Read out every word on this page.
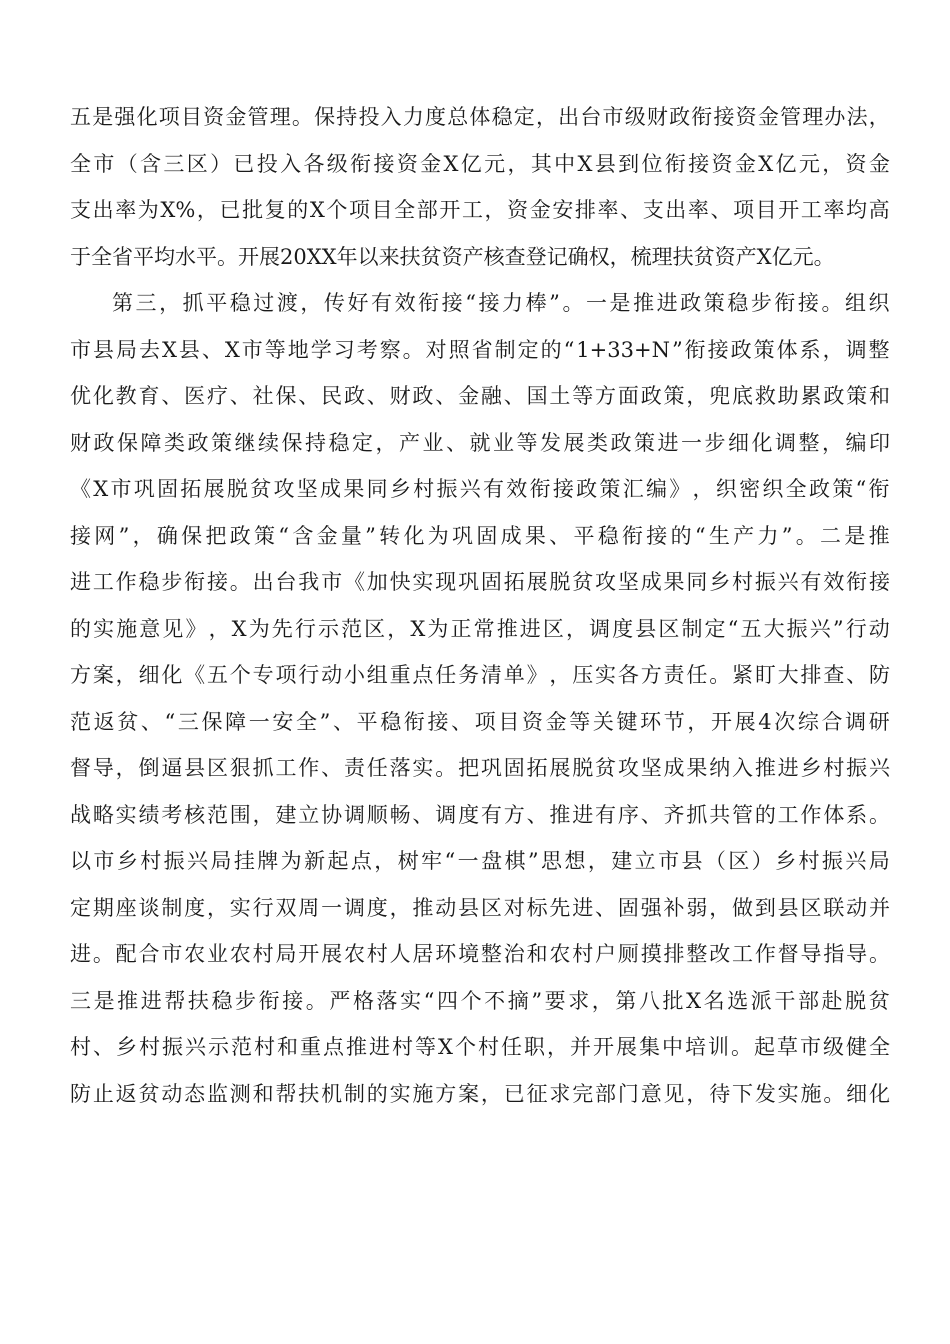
五 是 强 化 项 目 资 金 管 理 。 保 持 投 入 力 度 总 体 稳 定 ， 出 台 市 级 财 政 衔 接 资 金 管 理 办 法 ，
全 市 （ 含 三 区 ） 已 投 入 各 级 衔 接 资 金 X 亿 元 ， 其 中 X 县 到 位 衔 接 资 金 X 亿 元 ， 资 金
支 出 率 为 X% ， 已 批 复 的 X 个 项 目 全 部 开 工 ， 资 金 安 排 率 、 支 出 率 、 项 目 开 工 率 均 高
于 全 省 平 均 水 平 。 开 展 20XX 年 以 来 扶 贫 资 产 核 查 登 记 确 权 ， 梳 理 扶 贫 资 产 X 亿 元 。
第 三 ， 抓 平 稳 过 渡 ， 传 好 有 效 衔 接 “ 接 力 棒 ” 。 一 是 推 进 政 策 稳 步 衔 接 。 组 织
市 县 局 去 X 县 、 X 市 等 地 学 习 考 察 。 对 照 省 制 定 的 “ 1+33+N ” 衔 接 政 策 体 系 ， 调 整
优 化 教 育 、 医 疗 、 社 保 、 民 政 、 财 政 、 金 融 、 国 土 等 方 面 政 策 ， 兜 底 救 助 累 政 策 和
财 政 保 障 类 政 策 继 续 保 持 稳 定 ， 产 业 、 就 业 等 发 展 类 政 策 进 一 步 细 化 调 整 ， 编 印
《 X 市 巩 固 拓 展 脱 贫 攻 坚 成 果 同 乡 村 振 兴 有 效 衔 接 政 策 汇 编 》 ， 织 密 织 全 政 策 “ 衔
接 网 ” ， 确 保 把 政 策 “ 含 金 量 ” 转 化 为 巩 固 成 果 、 平 稳 衔 接 的 “ 生 产 力 ” 。 二 是 推
进 工 作 稳 步 衔 接 。 出 台 我 市 《 加 快 实 现 巩 固 拓 展 脱 贫 攻 坚 成 果 同 乡 村 振 兴 有 效 衔 接
的 实 施 意 见 》 ， X 为 先 行 示 范 区 ， X 为 正 常 推 进 区 ， 调 度 县 区 制 定 “ 五 大 振 兴 ” 行 动
方 案 ， 细 化 《 五 个 专 项 行 动 小 组 重 点 任 务 清 单 》 ， 压 实 各 方 责 任 。 紧 盯 大 排 查 、 防
范 返 贫 、 “ 三 保 障 一 安 全 ” 、 平 稳 衔 接 、 项 目 资 金 等 关 键 环 节 ， 开 展 4 次 综 合 调 研
督 导 ， 倒 逼 县 区 狠 抓 工 作 、 责 任 落 实 。 把 巩 固 拓 展 脱 贫 攻 坚 成 果 纳 入 推 进 乡 村 振 兴
战 略 实 绩 考 核 范 围 ， 建 立 协 调 顺 畅 、 调 度 有 方 、 推 进 有 序 、 齐 抓 共 管 的 工 作 体 系 。
以 市 乡 村 振 兴 局 挂 牌 为 新 起 点 ， 树 牢 “ 一 盘 棋 ” 思 想 ， 建 立 市 县 （ 区 ） 乡 村 振 兴 局
定 期 座 谈 制 度 ， 实 行 双 周 一 调 度 ， 推 动 县 区 对 标 先 进 、 固 强 补 弱 ， 做 到 县 区 联 动 并
进 。 配 合 市 农 业 农 村 局 开 展 农 村 人 居 环 境 整 治 和 农 村 户 厕 摸 排 整 改 工 作 督 导 指 导 。
三 是 推 进 帮 扶 稳 步 衔 接 。 严 格 落 实 “ 四 个 不 摘 ” 要 求 ， 第 八 批 X 名 选 派 干 部 赴 脱 贫
村 、 乡 村 振 兴 示 范 村 和 重 点 推 进 村 等 X 个 村 任 职 ， 并 开 展 集 中 培 训 。 起 草 市 级 健 全
防 止 返 贫 动 态 监 测 和 帮 扶 机 制 的 实 施 方 案 ， 已 征 求 完 部 门 意 见 ， 待 下 发 实 施 。 细 化
